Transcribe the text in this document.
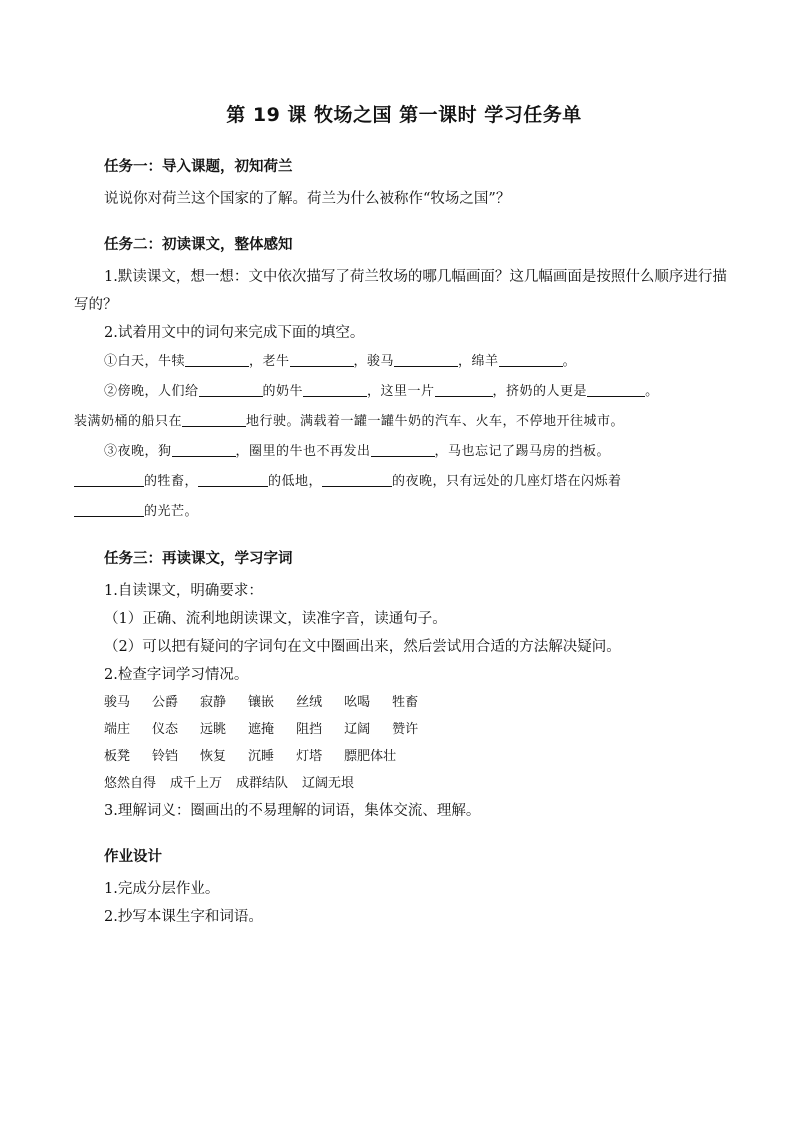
第 19 课 牧场之国 第一课时 学习任务单
任务一：导入课题，初知荷兰

说说你对荷兰这个国家的了解。荷兰为什么被称作“牧场之国”？

任务二：初读课文，整体感知

1.默读课文，想一想：文中依次描写了荷兰牧场的哪几幅画面？这几幅画面是按照什么顺序进行描写的？

2.试着用文中的词句来完成下面的填空。

①白天，牛犊	，老牛	，骏马	，绵羊	。

②傍晚，人们给	的奶牛	，这里一片	，挤奶的人更是	。

装满奶桶的船只在	地行驶。满载着一罐一罐牛奶的汽车、火车，不停地开往城市。

③夜晚，狗	，圈里的牛也不再发出	，马也忘记了踢马房的挡板。

的牲畜，	的低地，	的夜晚，只有远处的几座灯塔在闪烁着

的光芒。

任务三：再读课文，学习字词

1.自读课文，明确要求：

（1）正确、流利地朗读课文，读准字音，读通句子。

（2）可以把有疑问的字词句在文中圈画出来，然后尝试用合适的方法解决疑问。

2.检查字词学习情况。

骏马 公爵 寂静 镶嵌 丝绒 吆喝 牲畜
端庄 仪态 远眺 遮掩 阻挡 辽阔 赞许
板凳 铃铛 恢复 沉睡 灯塔 膘肥体壮
悠然自得 成千上万 成群结队 辽阔无垠

3.理解词义：圈画出的不易理解的词语，集体交流、理解。

作业设计

1.完成分层作业。

2.抄写本课生字和词语。
